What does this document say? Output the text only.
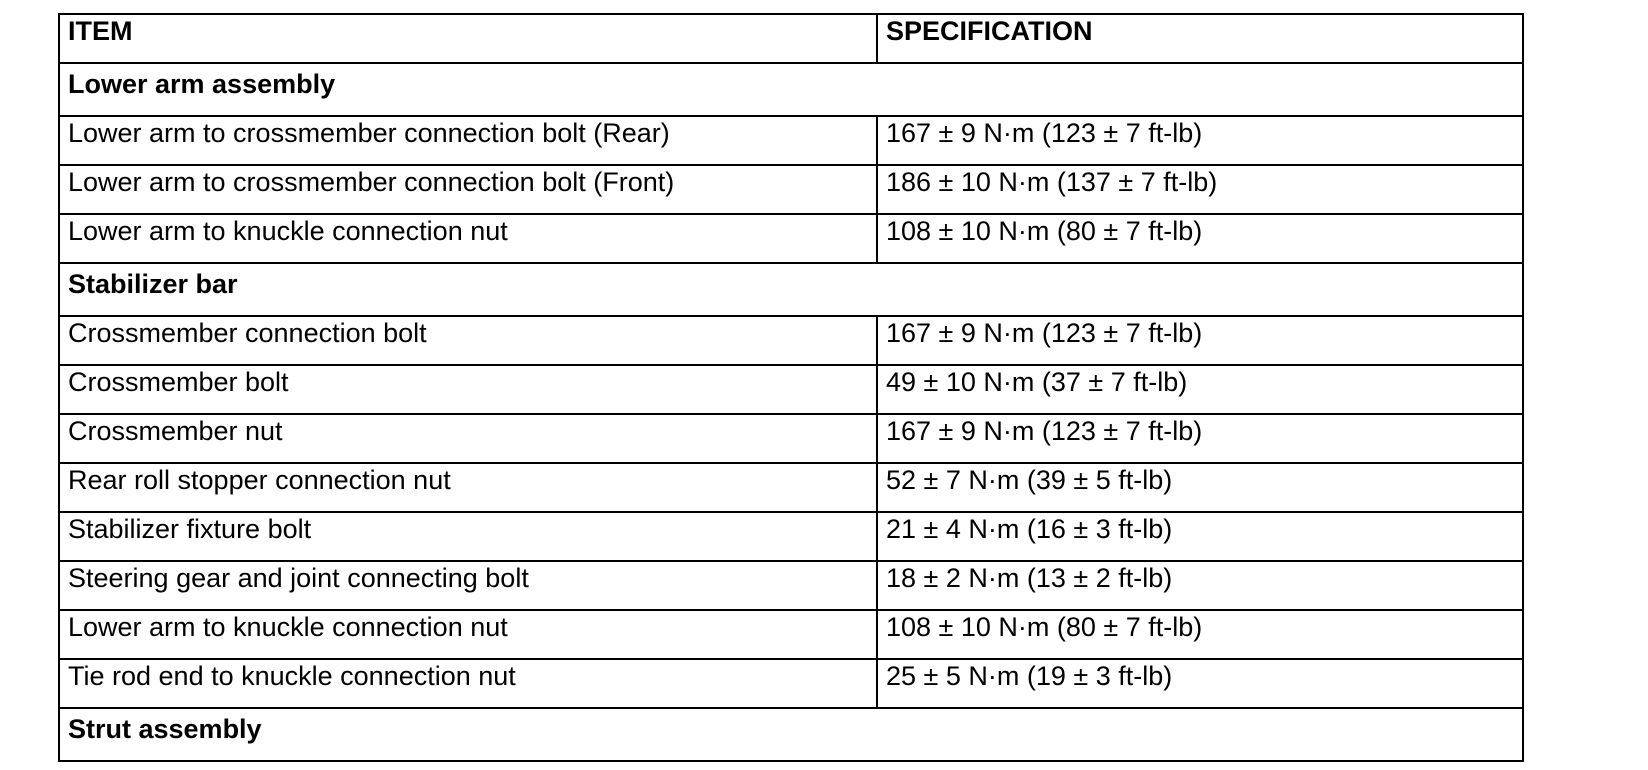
ITEM	SPECIFICATION
Lower arm assembly	
Lower arm to crossmember connection bolt (Rear)	167 ± 9 N·m (123 ± 7 ft-lb)
Lower arm to crossmember connection bolt (Front)	186 ± 10 N·m (137 ± 7 ft-lb)
Lower arm to knuckle connection nut	108 ± 10 N·m (80 ± 7 ft-lb)
Stabilizer bar	
Crossmember connection bolt	167 ± 9 N·m (123 ± 7 ft-lb)
Crossmember bolt	49 ± 10 N·m (37 ± 7 ft-lb)
Crossmember nut	167 ± 9 N·m (123 ± 7 ft-lb)
Rear roll stopper connection nut	52 ± 7 N·m (39 ± 5 ft-lb)
Stabilizer fixture bolt	21 ± 4 N·m (16 ± 3 ft-lb)
Steering gear and joint connecting bolt	18 ± 2 N·m (13 ± 2 ft-lb)
Lower arm to knuckle connection nut	108 ± 10 N·m (80 ± 7 ft-lb)
Tie rod end to knuckle connection nut	25 ± 5 N·m (19 ± 3 ft-lb)
Strut assembly	
